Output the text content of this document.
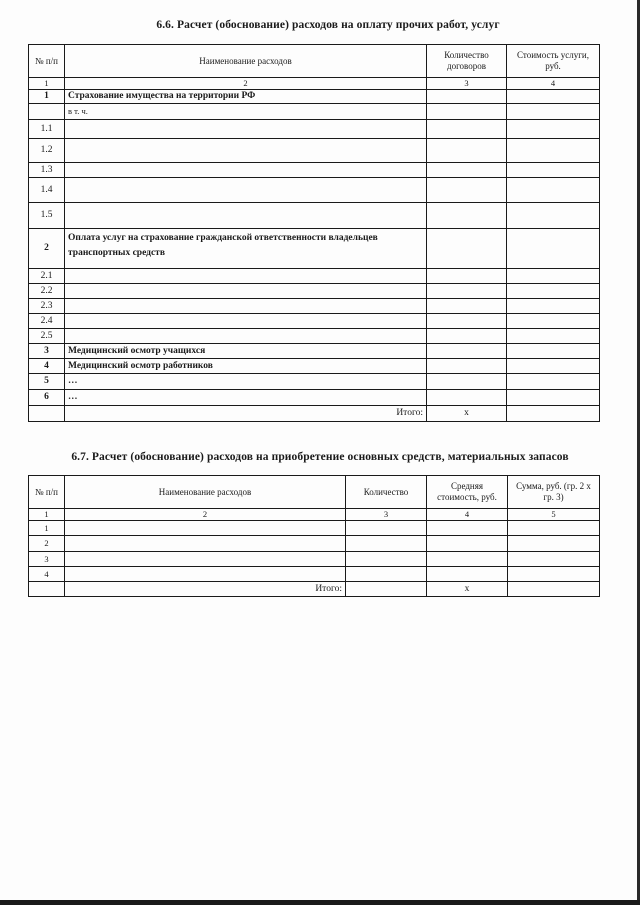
6.6. Расчет (обоснование) расходов на оплату прочих работ, услуг
№ п/п	Наименование расходов	Количество договоров	Стоимость услуги, руб.
1	2	3	4
1	Страхование имущества на территории РФ		
	в т. ч.		
1.1			
1.2			
1.3			
1.4			
1.5			
2	Оплата услуг на страхование гражданской ответственности владельцев транспортных средств		
2.1			
2.2			
2.3			
2.4			
2.5			
3	Медицинский осмотр учащихся		
4	Медицинский осмотр работников		
5	…		
6	…		
	Итого:	x	
6.7. Расчет (обоснование) расходов на приобретение основных средств, материальных запасов
№ п/п	Наименование расходов	Количество	Средняя стоимость, руб.	Сумма, руб. (гр. 2 х гр. 3)
1	2	3	4	5
1				
2				
3				
4				
	Итого:		x	
